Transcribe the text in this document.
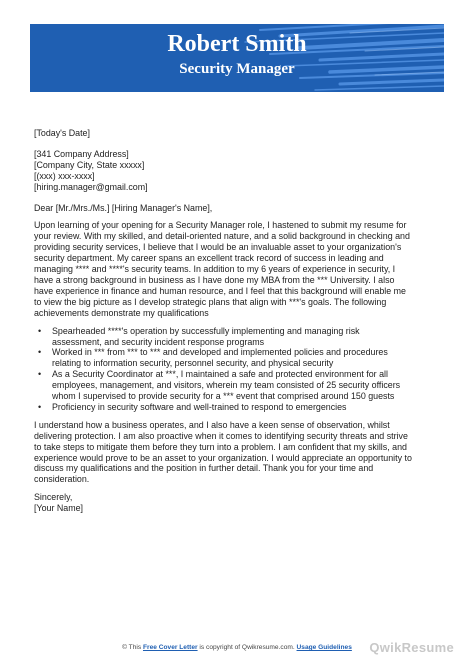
Robert Smith
Security Manager
[Today's Date]
[341 Company Address]
[Company City, State xxxxx]
[(xxx) xxx-xxxx]
[hiring.manager@gmail.com]
Dear [Mr./Mrs./Ms.] [Hiring Manager's Name],
Upon learning of your opening for a Security Manager role, I hastened to submit my resume for
your review. With my skilled, and detail-oriented nature, and a solid background in checking and
providing security services, I believe that I would be an invaluable asset to your organization's
security department. My career spans an excellent track record of success in leading and
managing **** and ****'s security teams. In addition to my 6 years of experience in security, I
have a strong background in business as I have done my MBA from the *** University. I also
have experience in finance and human resource, and I feel that this background will enable me
to view the big picture as I develop strategic plans that align with ***'s goals. The following
achievements demonstrate my qualifications
• Spearheaded ****'s operation by successfully implementing and managing risk
assessment, and security incident response programs
• Worked in *** from *** to *** and developed and implemented policies and procedures
relating to information security, personnel security, and physical security
• As a Security Coordinator at ***, I maintained a safe and protected environment for all
employees, management, and visitors, wherein my team consisted of 25 security officers
whom I supervised to provide security for a *** event that comprised around 150 guests
• Proficiency in security software and well-trained to respond to emergencies
I understand how a business operates, and I also have a keen sense of observation, whilst
delivering protection. I am also proactive when it comes to identifying security threats and strive
to take steps to mitigate them before they turn into a problem. I am confident that my skills, and
experience would prove to be an asset to your organization. I would appreciate an opportunity to
discuss my qualifications and the position in further detail. Thank you for your time and
consideration.
Sincerely,
[Your Name]
© This Free Cover Letter is copyright of Qwikresume.com. Usage Guidelines	QwikResume
